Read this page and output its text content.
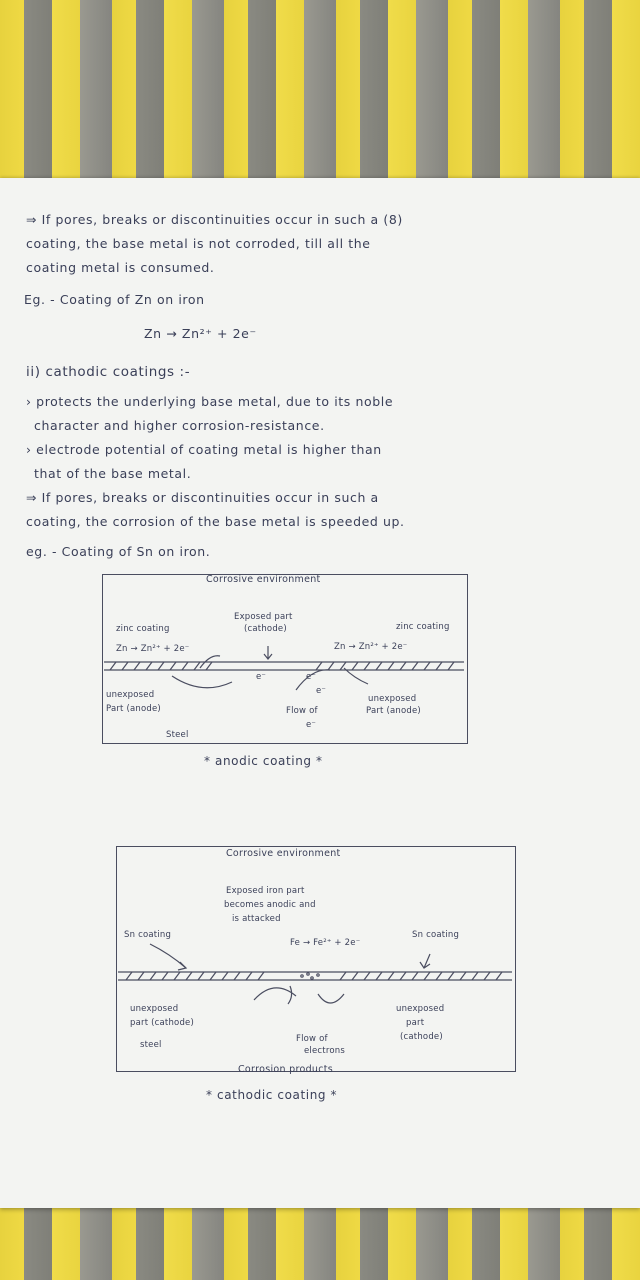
⇒ If pores, breaks or discontinuities occur in such a (8)
coating, the base metal is not corroded, till all the
coating metal is consumed.
Eg. - Coating of Zn on iron
Zn → Zn²⁺ + 2e⁻
ii) cathodic coatings :-
› protects the underlying base metal, due to its noble
character and higher corrosion-resistance.
› electrode potential of coating metal is higher than
that of the base metal.
⇒ If pores, breaks or discontinuities occur in such a
coating, the corrosion of the base metal is speeded up.
eg. - Coating of Sn on iron.
Corrosive environment
zinc coating
Exposed part
(cathode)	zinc coating
Zn → Zn²⁺ + 2e⁻	Zn → Zn²⁺ + 2e⁻
e⁻	e⁻
e⁻
unexposed
Part (anode)	Flow of
e⁻
unexposed
Part (anode)
Steel
* anodic coating *
Corrosive environment
Exposed iron part
becomes anodic and
is attacked
Sn coating	Sn coating
Fe → Fe²⁺ + 2e⁻
unexposed
part (cathode)
steel
Flow of
electrons
unexposed
part
(cathode)
Corrosion products
* cathodic coating *
